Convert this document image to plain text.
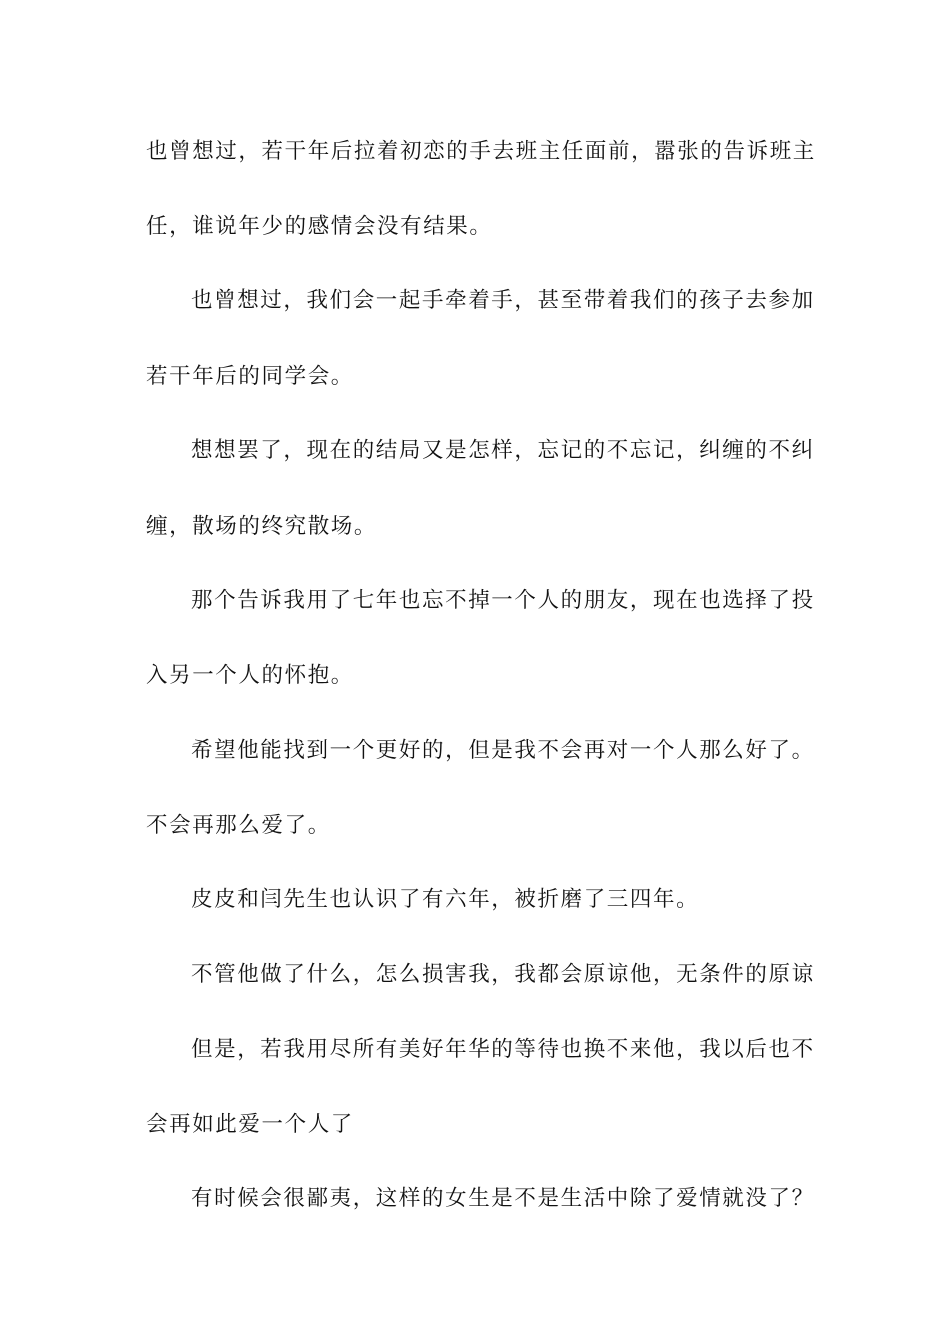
也曾想过，若干年后拉着初恋的手去班主任面前，嚣张的告诉班主
任，谁说年少的感情会没有结果。
也曾想过，我们会一起手牵着手，甚至带着我们的孩子去参加
若干年后的同学会。
想想罢了，现在的结局又是怎样，忘记的不忘记，纠缠的不纠
缠，散场的终究散场。
那个告诉我用了七年也忘不掉一个人的朋友，现在也选择了投
入另一个人的怀抱。
希望他能找到一个更好的，但是我不会再对一个人那么好了。
不会再那么爱了。
皮皮和闫先生也认识了有六年，被折磨了三四年。
不管他做了什么，怎么损害我，我都会原谅他，无条件的原谅
但是，若我用尽所有美好年华的等待也换不来他，我以后也不
会再如此爱一个人了
有时候会很鄙夷，这样的女生是不是生活中除了爱情就没了？
